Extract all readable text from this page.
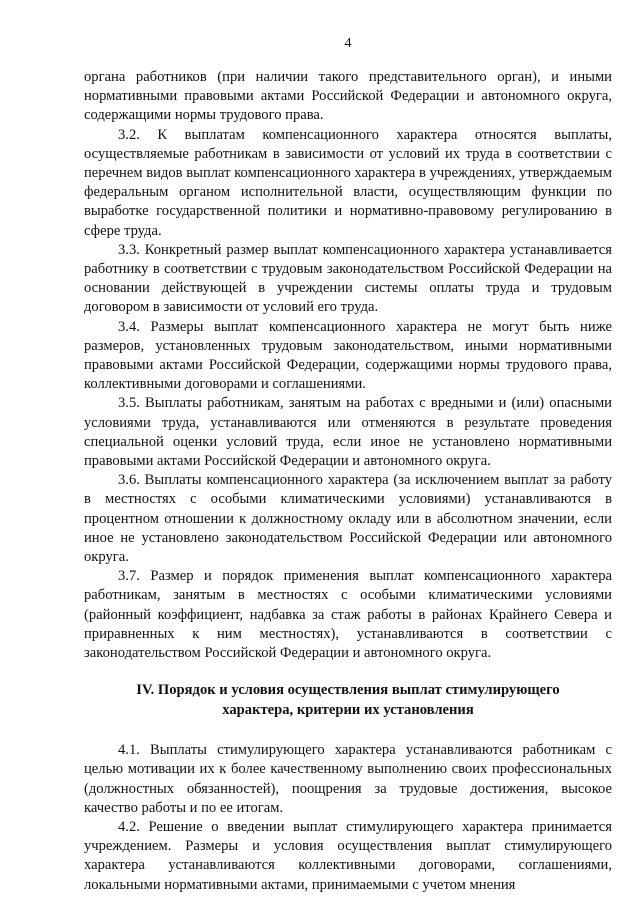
4

органа работников (при наличии такого представительного орган), и иными нормативными правовыми актами Российской Федерации и автономного округа, содержащими нормы трудового права.

3.2. К выплатам компенсационного характера относятся выплаты, осуществляемые работникам в зависимости от условий их труда в соответствии с перечнем видов выплат компенсационного характера в учреждениях, утверждаемым федеральным органом исполнительной власти, осуществляющим функции по выработке государственной политики и нормативно-правовому регулированию в сфере труда.

3.3. Конкретный размер выплат компенсационного характера устанавливается работнику в соответствии с трудовым законодательством Российской Федерации на основании действующей в учреждении системы оплаты труда и трудовым договором в зависимости от условий его труда.

3.4. Размеры выплат компенсационного характера не могут быть ниже размеров, установленных трудовым законодательством, иными нормативными правовыми актами Российской Федерации, содержащими нормы трудового права, коллективными договорами и соглашениями.

3.5. Выплаты работникам, занятым на работах с вредными и (или) опасными условиями труда, устанавливаются или отменяются в результате проведения специальной оценки условий труда, если иное не установлено нормативными правовыми актами Российской Федерации и автономного округа.

3.6. Выплаты компенсационного характера (за исключением выплат за работу в местностях с особыми климатическими условиями) устанавливаются в процентном отношении к должностному окладу или в абсолютном значении, если иное не установлено законодательством Российской Федерации или автономного округа.

3.7. Размер и порядок применения выплат компенсационного характера работникам, занятым в местностях с особыми климатическими условиями (районный коэффициент, надбавка за стаж работы в районах Крайнего Севера и приравненных к ним местностях), устанавливаются в соответствии с законодательством Российской Федерации и автономного округа.

IV. Порядок и условия осуществления выплат стимулирующего
характера, критерии их установления

4.1. Выплаты стимулирующего характера устанавливаются работникам с целью мотивации их к более качественному выполнению своих профессиональных (должностных обязанностей), поощрения за трудовые достижения, высокое качество работы и по ее итогам.

4.2. Решение о введении выплат стимулирующего характера принимается учреждением. Размеры и условия осуществления выплат стимулирующего характера устанавливаются коллективными договорами, соглашениями, локальными нормативными актами, принимаемыми с учетом мнения
